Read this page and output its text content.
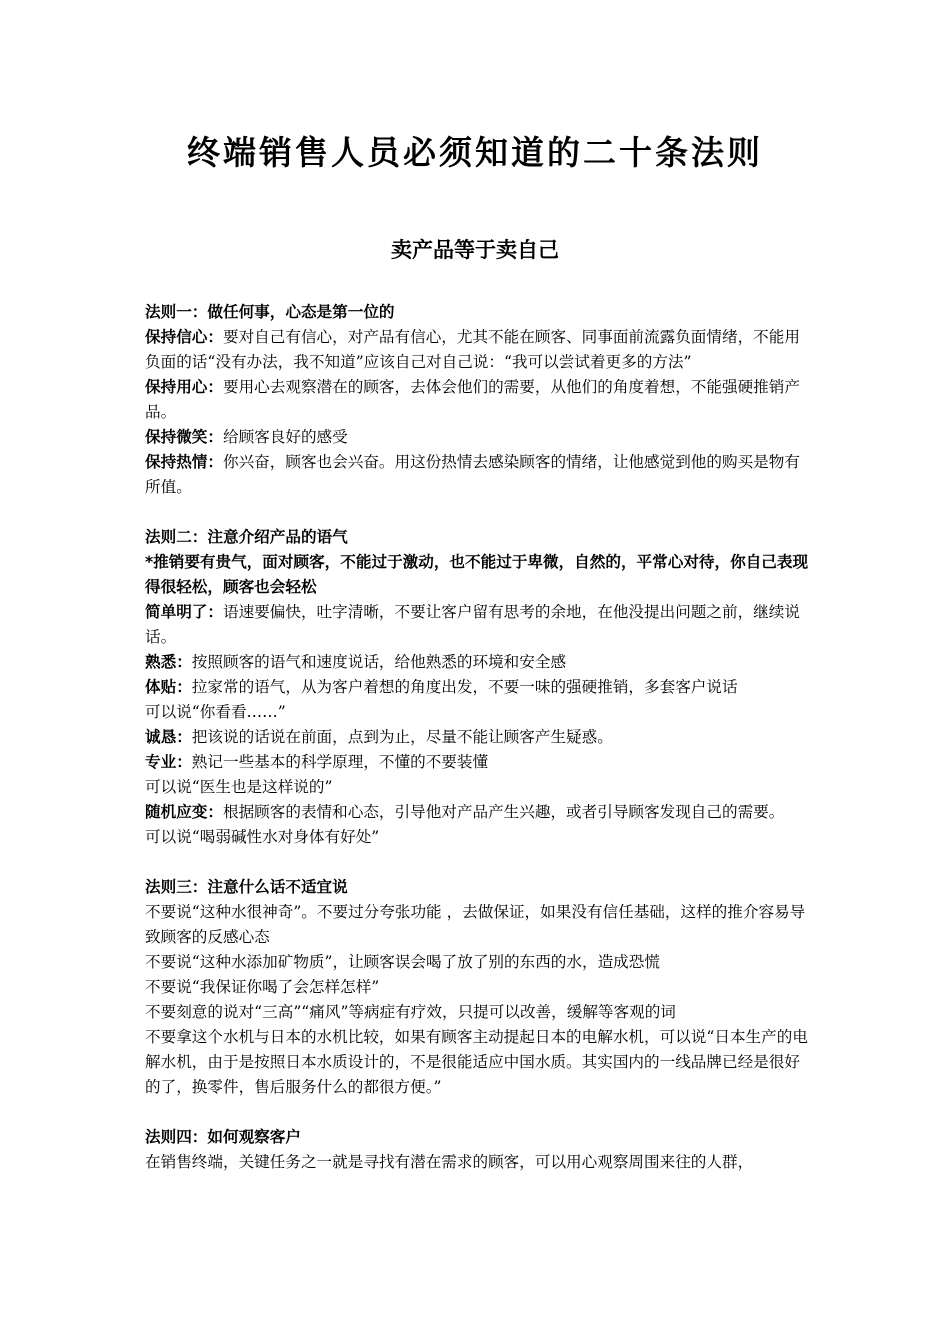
终端销售人员必须知道的二十条法则
卖产品等于卖自己

法则一：做任何事，心态是第一位的

保持信心：要对自己有信心，对产品有信心，尤其不能在顾客、同事面前流露负面情绪，不能用负面的话“没有办法，我不知道”应该自己对自己说：“我可以尝试着更多的方法”

保持用心：要用心去观察潜在的顾客，去体会他们的需要，从他们的角度着想，不能强硬推销产品。

保持微笑：给顾客良好的感受

保持热情：你兴奋，顾客也会兴奋。用这份热情去感染顾客的情绪，让他感觉到他的购买是物有所值。

法则二：注意介绍产品的语气

*推销要有贵气，面对顾客，不能过于激动，也不能过于卑微，自然的，平常心对待，你自己表现得很轻松，顾客也会轻松

简单明了：语速要偏快，吐字清晰，不要让客户留有思考的余地，在他没提出问题之前，继续说话。

熟悉：按照顾客的语气和速度说话，给他熟悉的环境和安全感

体贴：拉家常的语气，从为客户着想的角度出发，不要一味的强硬推销，多套客户说话

可以说“你看看……”

诚恳：把该说的话说在前面，点到为止，尽量不能让顾客产生疑惑。

专业：熟记一些基本的科学原理，不懂的不要装懂

可以说“医生也是这样说的”

随机应变：根据顾客的表情和心态，引导他对产品产生兴趣，或者引导顾客发现自己的需要。

可以说“喝弱碱性水对身体有好处”

法则三：注意什么话不适宜说

不要说“这种水很神奇”。不要过分夸张功能 ，去做保证，如果没有信任基础，这样的推介容易导致顾客的反感心态

不要说“这种水添加矿物质”，让顾客误会喝了放了别的东西的水，造成恐慌

不要说“我保证你喝了会怎样怎样”

不要刻意的说对“三高”“痛风”等病症有疗效，只提可以改善，缓解等客观的词

不要拿这个水机与日本的水机比较，如果有顾客主动提起日本的电解水机，可以说“日本生产的电解水机，由于是按照日本水质设计的，不是很能适应中国水质。其实国内的一线品牌已经是很好的了，换零件，售后服务什么的都很方便。”

法则四：如何观察客户

在销售终端，关键任务之一就是寻找有潜在需求的顾客，可以用心观察周围来往的人群，
